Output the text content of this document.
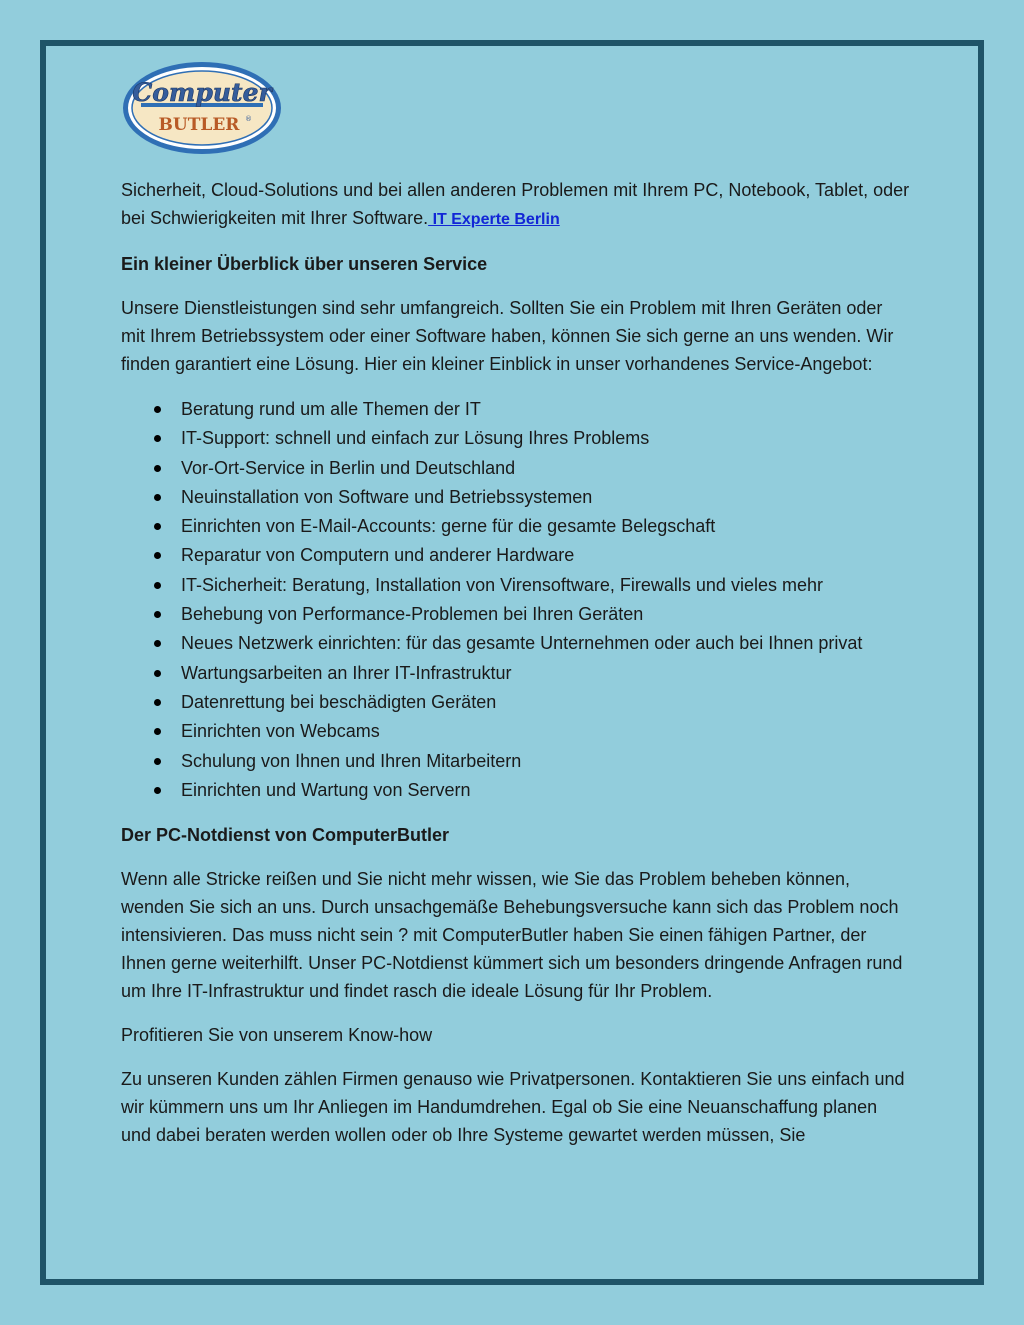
Computer
BUTLER ®

Sicherheit, Cloud-Solutions und bei allen anderen Problemen mit Ihrem PC, Notebook, Tablet, oder bei Schwierigkeiten mit Ihrer Software. IT Experte Berlin

Ein kleiner Überblick über unseren Service

Unsere Dienstleistungen sind sehr umfangreich. Sollten Sie ein Problem mit Ihren Geräten oder mit Ihrem Betriebssystem oder einer Software haben, können Sie sich gerne an uns wenden. Wir finden garantiert eine Lösung. Hier ein kleiner Einblick in unser vorhandenes Service-Angebot:

Beratung rund um alle Themen der IT
IT-Support: schnell und einfach zur Lösung Ihres Problems
Vor-Ort-Service in Berlin und Deutschland
Neuinstallation von Software und Betriebssystemen
Einrichten von E-Mail-Accounts: gerne für die gesamte Belegschaft
Reparatur von Computern und anderer Hardware
IT-Sicherheit: Beratung, Installation von Virensoftware, Firewalls und vieles mehr
Behebung von Performance-Problemen bei Ihren Geräten
Neues Netzwerk einrichten: für das gesamte Unternehmen oder auch bei Ihnen privat
Wartungsarbeiten an Ihrer IT-Infrastruktur
Datenrettung bei beschädigten Geräten
Einrichten von Webcams
Schulung von Ihnen und Ihren Mitarbeitern
Einrichten und Wartung von Servern

Der PC-Notdienst von ComputerButler

Wenn alle Stricke reißen und Sie nicht mehr wissen, wie Sie das Problem beheben können, wenden Sie sich an uns. Durch unsachgemäße Behebungsversuche kann sich das Problem noch intensivieren. Das muss nicht sein ? mit ComputerButler haben Sie einen fähigen Partner, der Ihnen gerne weiterhilft. Unser PC-Notdienst kümmert sich um besonders dringende Anfragen rund um Ihre IT-Infrastruktur und findet rasch die ideale Lösung für Ihr Problem.

Profitieren Sie von unserem Know-how

Zu unseren Kunden zählen Firmen genauso wie Privatpersonen. Kontaktieren Sie uns einfach und wir kümmern uns um Ihr Anliegen im Handumdrehen. Egal ob Sie eine Neuanschaffung planen und dabei beraten werden wollen oder ob Ihre Systeme gewartet werden müssen, Sie
